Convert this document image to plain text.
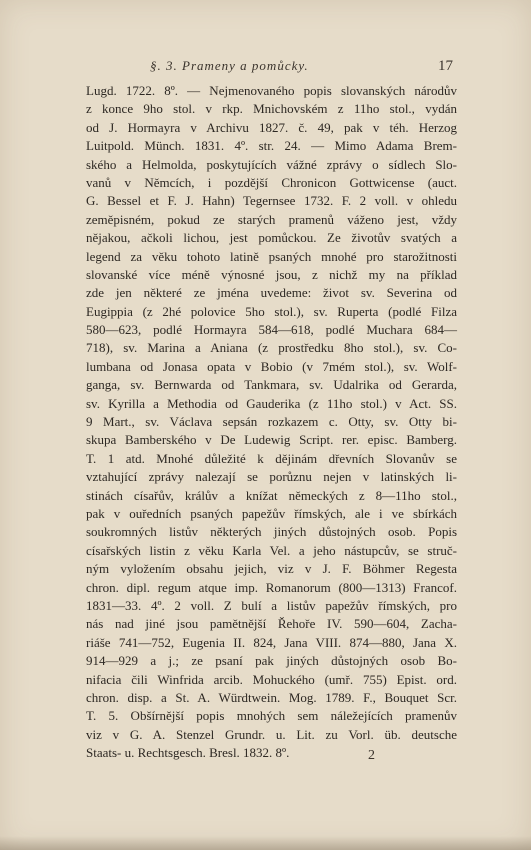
§. 3. Prameny a pomůcky.	17
Lugd. 1722. 8º. — Nejmenovaného popis slovanských národův
z konce 9ho stol. v rkp. Mnichovském z 11ho stol., vydán
od J. Hormayra v Archivu 1827. č. 49, pak v téh. Herzog
Luitpold. Münch. 1831. 4º. str. 24. — Mimo Adama Brem-
ského a Helmolda, poskytujících vážné zprávy o sídlech Slo-
vanů v Němcích, i pozdější Chronicon Gottwicense (auct.
G. Bessel et F. J. Hahn) Tegernsee 1732. F. 2 voll. v ohledu
zeměpisném, pokud ze starých pramenů váženo jest, vždy
nějakou, ačkoli lichou, jest pomůckou. Ze životův svatých a
legend za věku tohoto latině psaných mnohé pro starožitnosti
slovanské více méně výnosné jsou, z nichž my na příklad
zde jen některé ze jména uvedeme: život sv. Severina od
Eugippia (z 2hé polovice 5ho stol.), sv. Ruperta (podlé Filza
580—623, podlé Hormayra 584—618, podlé Muchara 684—
718), sv. Marina a Aniana (z prostředku 8ho stol.), sv. Co-
lumbana od Jonasa opata v Bobio (v 7mém stol.), sv. Wolf-
ganga, sv. Bernwarda od Tankmara, sv. Udalrika od Gerarda,
sv. Kyrilla a Methodia od Gauderika (z 11ho stol.) v Act. SS.
9 Mart., sv. Václava sepsán rozkazem c. Otty, sv. Otty bi-
skupa Bamberského v De Ludewig Script. rer. episc. Bamberg.
T. 1 atd. Mnohé důležité k dějinám dřevních Slovanův se
vztahující zprávy nalezají se porůznu nejen v latinských li-
stinách císařův, králův a knížat německých z 8—11ho stol.,
pak v ouředních psaných papežův římských, ale i ve sbírkách
soukromných listův některých jiných důstojných osob. Popis
císařských listin z věku Karla Vel. a jeho nástupcův, se struč-
ným vyložením obsahu jejich, viz v J. F. Böhmer Regesta
chron. dipl. regum atque imp. Romanorum (800—1313) Francof.
1831—33. 4º. 2 voll. Z bulí a listův papežův římských, pro
nás nad jiné jsou pamětnější Řehoře IV. 590—604, Zacha-
riáše 741—752, Eugenia II. 824, Jana VIII. 874—880, Jana X.
914—929 a j.; ze psaní pak jiných důstojných osob Bo-
nifacia čili Winfrida arcib. Mohuckého (umř. 755) Epist. ord.
chron. disp. a St. A. Würdtwein. Mog. 1789. F., Bouquet Scr.
T. 5. Obšírnější popis mnohých sem náležejících pramenův
viz v G. A. Stenzel Grundr. u. Lit. zu Vorl. üb. deutsche
Staats- u. Rechtsgesch. Bresl. 1832. 8º.	2
